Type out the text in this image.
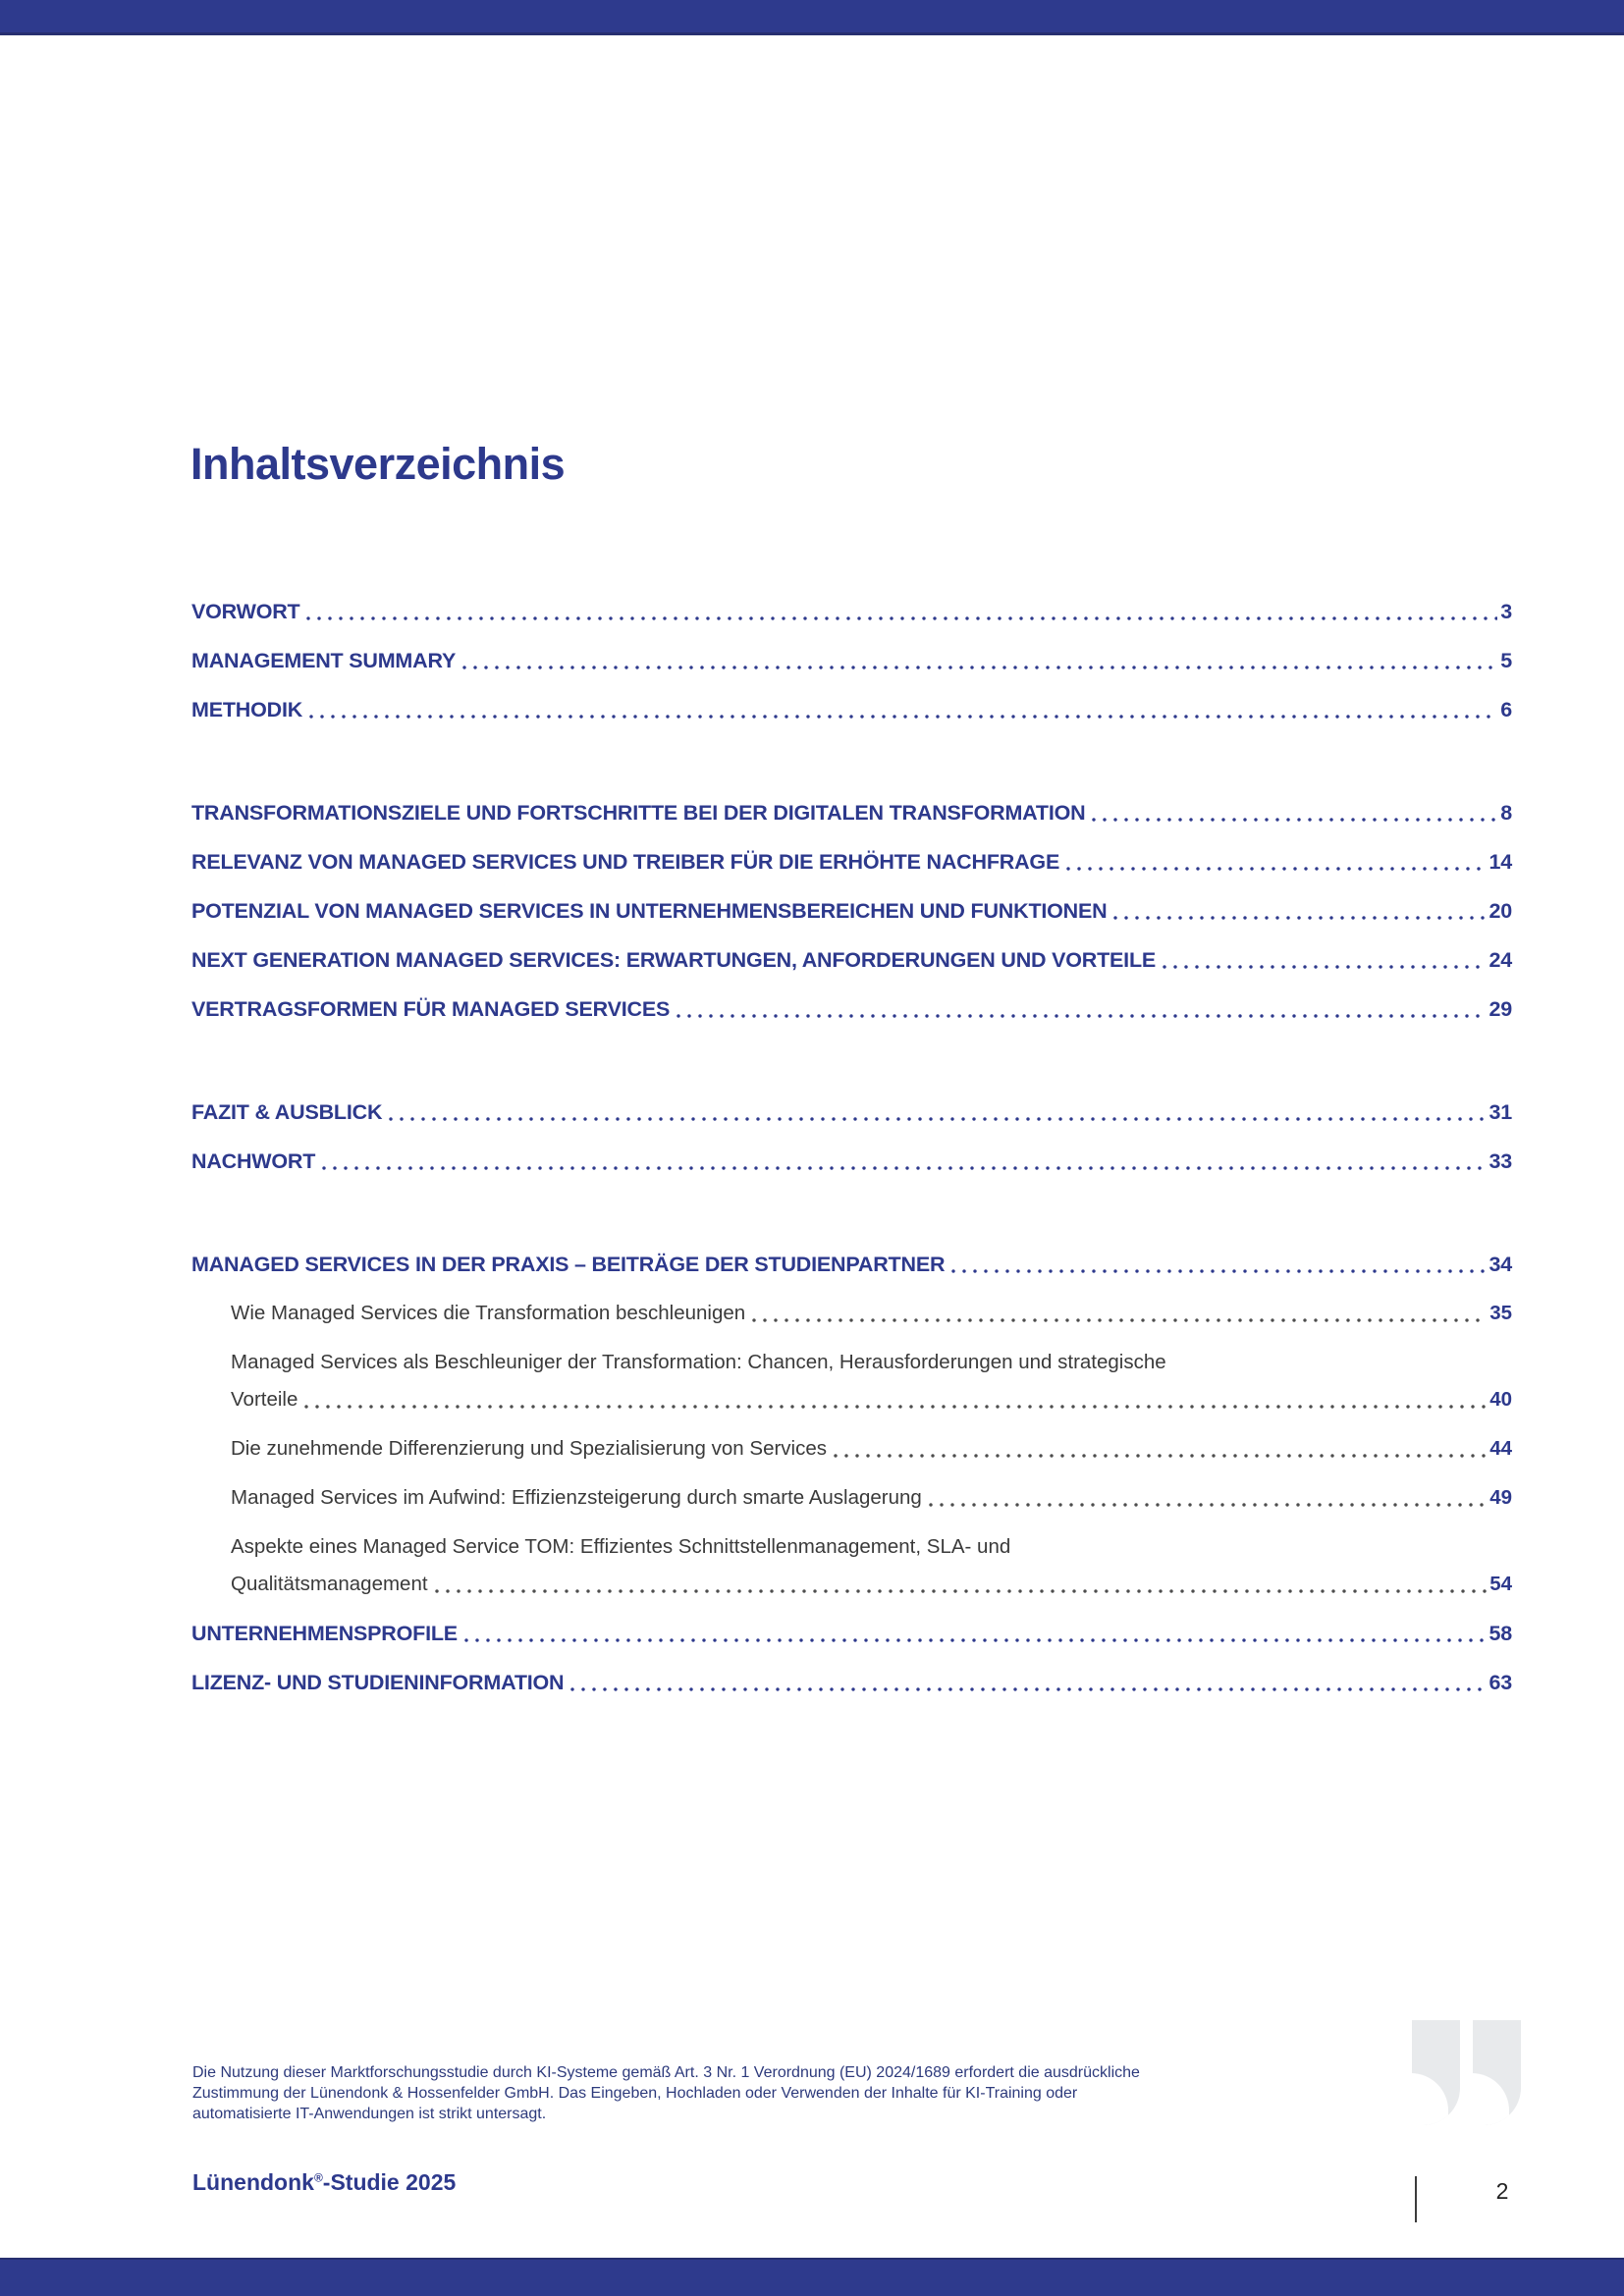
Inhaltsverzeichnis
VORWORT	3
MANAGEMENT SUMMARY	5
METHODIK	6
TRANSFORMATIONSZIELE UND FORTSCHRITTE BEI DER DIGITALEN TRANSFORMATION	8
RELEVANZ VON MANAGED SERVICES UND TREIBER FÜR DIE ERHÖHTE NACHFRAGE	14
POTENZIAL VON MANAGED SERVICES IN UNTERNEHMENSBEREICHEN UND FUNKTIONEN	20
NEXT GENERATION MANAGED SERVICES: ERWARTUNGEN, ANFORDERUNGEN UND VORTEILE	24
VERTRAGSFORMEN FÜR MANAGED SERVICES	29
FAZIT & AUSBLICK	31
NACHWORT	33
MANAGED SERVICES IN DER PRAXIS – BEITRÄGE DER STUDIENPARTNER	34
Wie Managed Services die Transformation beschleunigen	35
Managed Services als Beschleuniger der Transformation: Chancen, Herausforderungen und strategische
Vorteile	40
Die zunehmende Differenzierung und Spezialisierung von Services	44
Managed Services im Aufwind: Effizienzsteigerung durch smarte Auslagerung	49
Aspekte eines Managed Service TOM: Effizientes Schnittstellenmanagement, SLA- und
Qualitätsmanagement	54
UNTERNEHMENSPROFILE	58
LIZENZ- UND STUDIENINFORMATION	63
Die Nutzung dieser Marktforschungsstudie durch KI-Systeme gemäß Art. 3 Nr. 1 Verordnung (EU) 2024/1689 erfordert die ausdrückliche
Zustimmung der Lünendonk & Hossenfelder GmbH. Das Eingeben, Hochladen oder Verwenden der Inhalte für KI-Training oder
automatisierte IT-Anwendungen ist strikt untersagt.
Lünendonk®-Studie 2025	2
